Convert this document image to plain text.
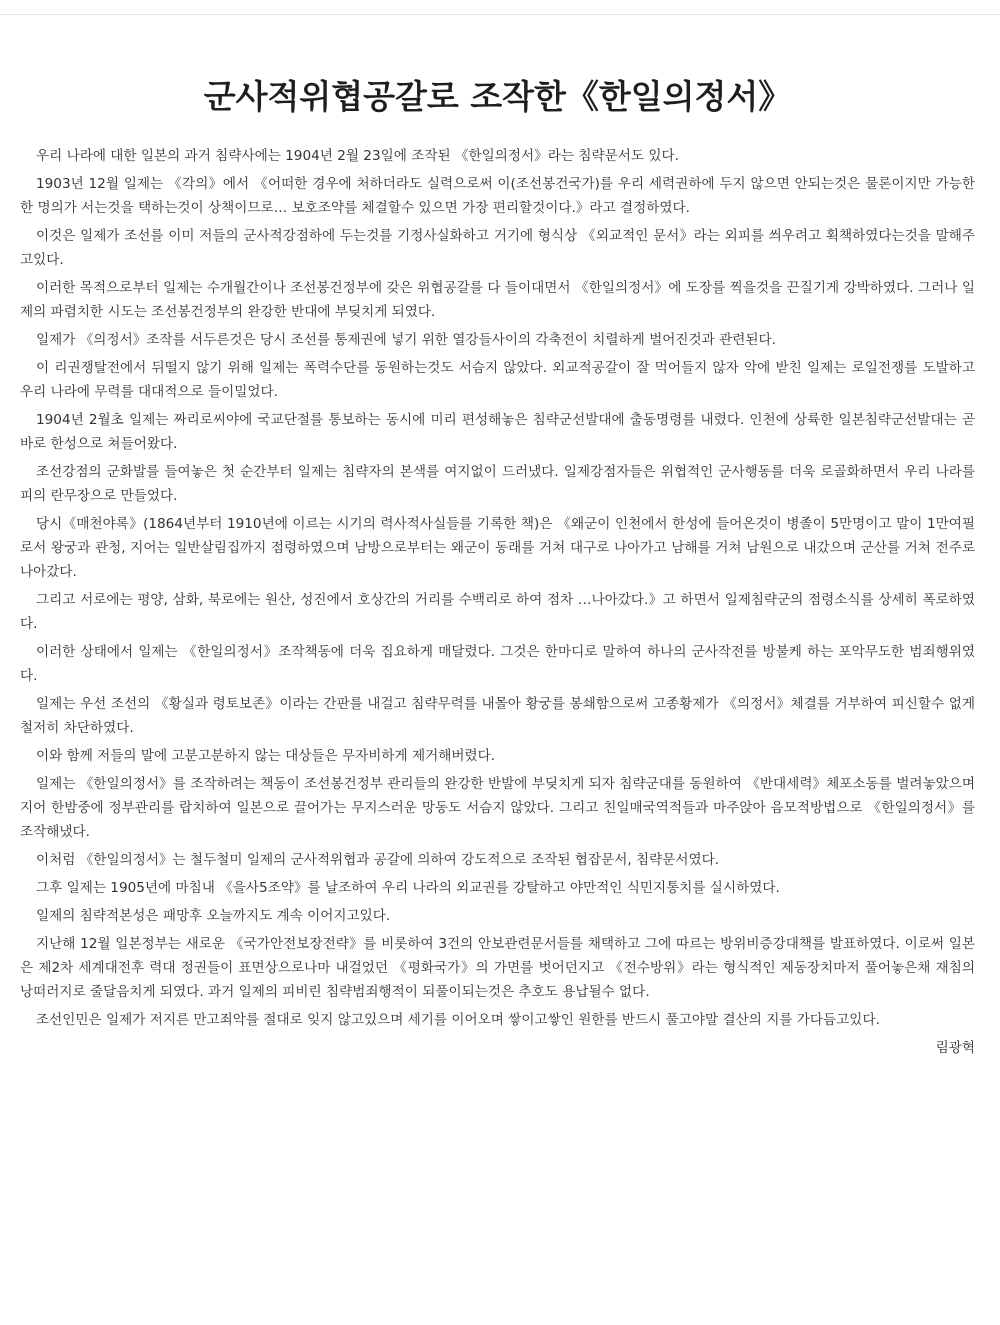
군사적위협공갈로 조작한《한일의정서》

우리 나라에 대한 일본의 과거 침략사에는 1904년 2월 23일에 조작된 《한일의정서》라는 침략문서도 있다.

1903년 12월 일제는 《각의》에서 《어떠한 경우에 처하더라도 실력으로써 이(조선봉건국가)를 우리 세력권하에 두지 않으면 안되는것은 물론이지만 가능한한 명의가 서는것을 택하는것이 상책이므로… 보호조약를 체결할수 있으면 가장 편리할것이다.》라고 결정하였다.

이것은 일제가 조선를 이미 저들의 군사적강점하에 두는것를 기정사실화하고 거기에 형식상 《외교적인 문서》라는 외피를 씌우려고 획책하였다는것을 말해주고있다.

이러한 목적으로부터 일제는 수개월간이나 조선봉건정부에 갖은 위협공갈를 다 들이대면서 《한일의정서》에 도장를 찍을것을 끈질기게 강박하였다. 그러나 일제의 파렴치한 시도는 조선봉건정부의 완강한 반대에 부딪치게 되였다.

일제가 《의정서》조작를 서두른것은 당시 조선를 통제권에 넣기 위한 열강들사이의 각축전이 치렬하게 벌어진것과 관련된다.

이 리권쟁탈전에서 뒤떨지 않기 위해 일제는 폭력수단를 동원하는것도 서슴지 않았다. 외교적공갈이 잘 먹어들지 않자 악에 받친 일제는 로일전쟁를 도발하고 우리 나라에 무력를 대대적으로 들이밀었다.

1904년 2월초 일제는 짜리로씨야에 국교단절를 통보하는 동시에 미리 편성해놓은 침략군선발대에 출동명령를 내렸다. 인천에 상륙한 일본침략군선발대는 곧바로 한성으로 쳐들어왔다.

조선강점의 군화발를 들여놓은 첫 순간부터 일제는 침략자의 본색를 여지없이 드러냈다. 일제강점자들은 위협적인 군사행동를 더욱 로골화하면서 우리 나라를 피의 란무장으로 만들었다.

당시《매천야록》(1864년부터 1910년에 이르는 시기의 력사적사실들를 기록한 책)은 《왜군이 인천에서 한성에 들어온것이 병졸이 5만명이고 말이 1만여필로서 왕궁과 관청, 지어는 일반살림집까지 점령하였으며 남방으로부터는 왜군이 동래를 거쳐 대구로 나아가고 남해를 거쳐 남원으로 내갔으며 군산를 거쳐 전주로 나아갔다.

그리고 서로에는 평양, 삼화, 북로에는 원산, 성진에서 호상간의 거리를 수백리로 하여 점차 …나아갔다.》고 하면서 일제침략군의 점령소식를 상세히 폭로하였다.

이러한 상태에서 일제는 《한일의정서》조작책동에 더욱 집요하게 매달렸다. 그것은 한마디로 말하여 하나의 군사작전를 방불케 하는 포악무도한 범죄행위였다.

일제는 우선 조선의 《황실과 령토보존》이라는 간판를 내걸고 침략무력를 내몰아 황궁를 봉쇄함으로써 고종황제가 《의정서》체결를 거부하여 피신할수 없게 철저히 차단하였다.

이와 함께 저들의 말에 고분고분하지 않는 대상들은 무자비하게 제거해버렸다.

일제는 《한일의정서》를 조작하려는 책동이 조선봉건정부 관리들의 완강한 반발에 부딪치게 되자 침략군대를 동원하여 《반대세력》체포소동를 벌려놓았으며 지어 한밤중에 정부관리를 랍치하여 일본으로 끌어가는 무지스러운 망동도 서슴지 않았다. 그리고 친일매국역적들과 마주앉아 음모적방법으로 《한일의정서》를 조작해냈다.

이처럼 《한일의정서》는 철두철미 일제의 군사적위협과 공갈에 의하여 강도적으로 조작된 협잡문서, 침략문서였다.

그후 일제는 1905년에 마침내 《을사5조약》를 날조하여 우리 나라의 외교권를 강탈하고 야만적인 식민지통치를 실시하였다.

일제의 침략적본성은 패망후 오늘까지도 계속 이어지고있다.

지난해 12월 일본정부는 새로운 《국가안전보장전략》를 비롯하여 3건의 안보관련문서들를 채택하고 그에 따르는 방위비증강대책를 발표하였다. 이로써 일본은 제2차 세계대전후 력대 정권들이 표면상으로나마 내걸었던 《평화국가》의 가면를 벗어던지고 《전수방위》라는 형식적인 제동장치마저 풀어놓은채 재침의 낭떠러지로 줄달음치게 되였다. 과거 일제의 피비린 침략범죄행적이 되풀이되는것은 추호도 용납될수 없다.

조선인민은 일제가 저지른 만고죄악를 절대로 잊지 않고있으며 세기를 이어오며 쌓이고쌓인 원한를 반드시 풀고야말 결산의 지를 가다듬고있다.

림광혁
